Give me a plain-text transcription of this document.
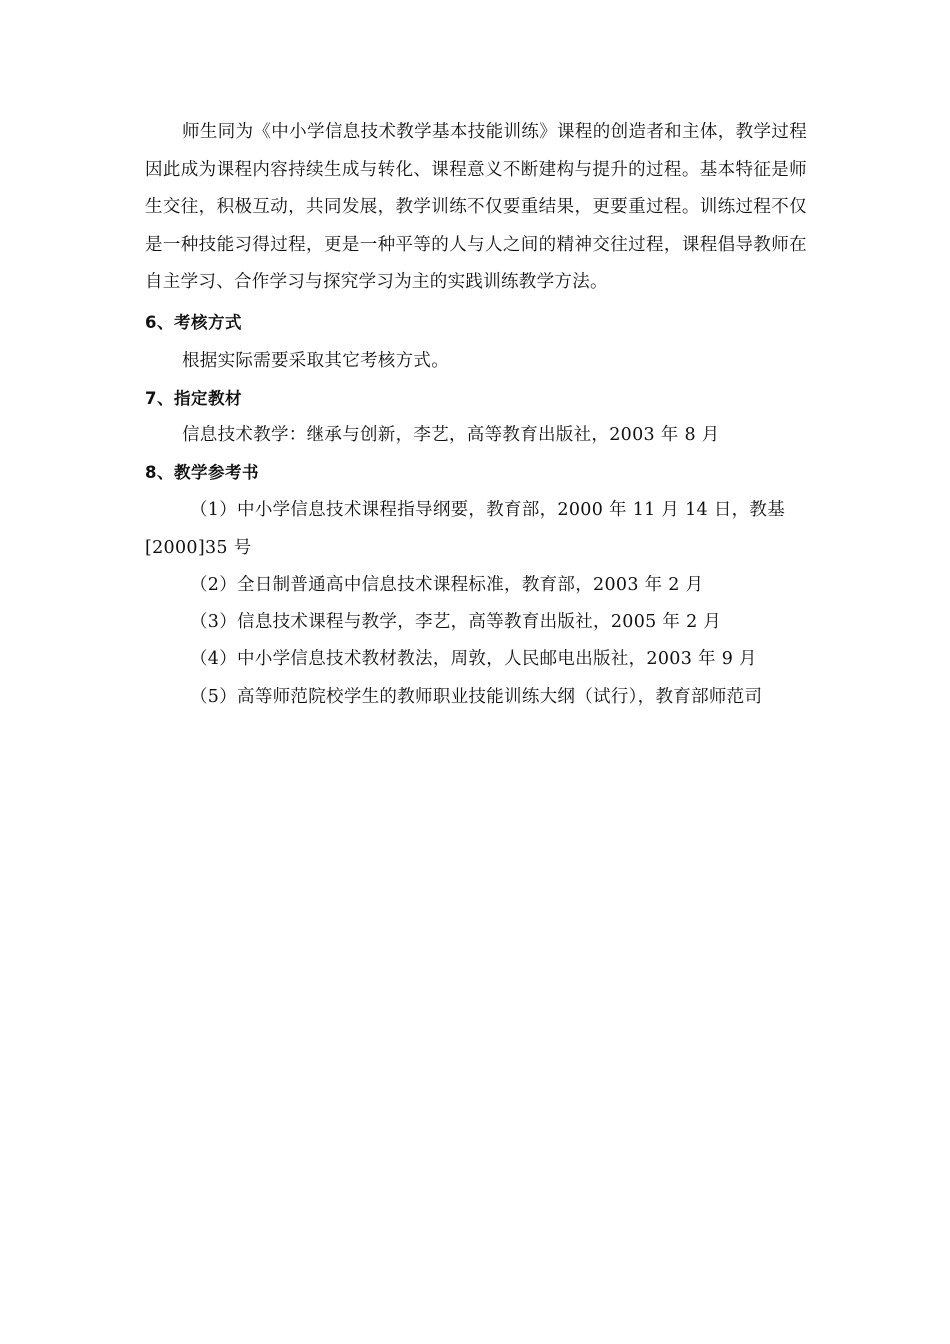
师生同为《中小学信息技术教学基本技能训练》课程的创造者和主体，教学过程因此成为课程内容持续生成与转化、课程意义不断建构与提升的过程。基本特征是师生交往，积极互动，共同发展，教学训练不仅要重结果，更要重过程。训练过程不仅是一种技能习得过程，更是一种平等的人与人之间的精神交往过程，课程倡导教师在自主学习、合作学习与探究学习为主的实践训练教学方法。

6、考核方式

根据实际需要采取其它考核方式。

7、指定教材

信息技术教学：继承与创新，李艺，高等教育出版社，2003 年 8 月

8、教学参考书

（1）中小学信息技术课程指导纲要，教育部，2000 年 11 月 14 日，教基

[2000]35 号

（2）全日制普通高中信息技术课程标准，教育部，2003 年 2 月

（3）信息技术课程与教学，李艺，高等教育出版社，2005 年 2 月

（4）中小学信息技术教材教法，周敦，人民邮电出版社，2003 年 9 月

（5）高等师范院校学生的教师职业技能训练大纲（试行），教育部师范司
